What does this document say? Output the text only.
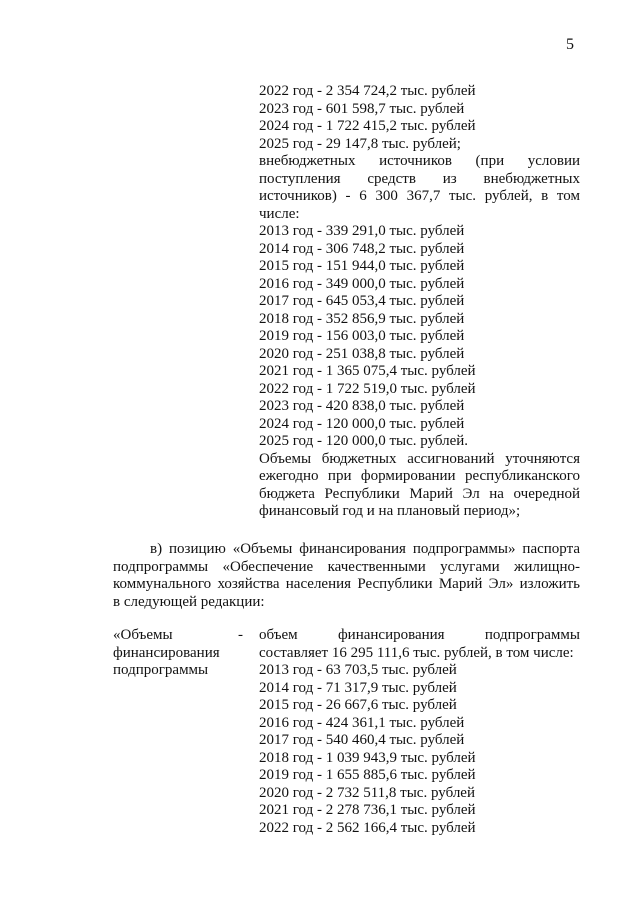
5
2022 год - 2 354 724,2 тыс. рублей
2023 год - 601 598,7 тыс. рублей
2024 год - 1 722 415,2 тыс. рублей
2025 год - 29 147,8 тыс. рублей;
внебюджетных источников (при условии
поступления средств из внебюджетных
источников) - 6 300 367,7 тыс. рублей, в том
числе:
2013 год - 339 291,0 тыс. рублей
2014 год - 306 748,2 тыс. рублей
2015 год - 151 944,0 тыс. рублей
2016 год - 349 000,0 тыс. рублей
2017 год - 645 053,4 тыс. рублей
2018 год - 352 856,9 тыс. рублей
2019 год - 156 003,0 тыс. рублей
2020 год - 251 038,8 тыс. рублей
2021 год - 1 365 075,4 тыс. рублей
2022 год - 1 722 519,0 тыс. рублей
2023 год - 420 838,0 тыс. рублей
2024 год - 120 000,0 тыс. рублей
2025 год - 120 000,0 тыс. рублей.
Объемы бюджетных ассигнований уточняются
ежегодно при формировании республиканского
бюджета Республики Марий Эл на очередной
финансовый год и на плановый период»;
в) позицию «Объемы финансирования подпрограммы» паспорта
подпрограммы «Обеспечение качественными услугами жилищно-
коммунального хозяйства населения Республики Марий Эл» изложить
в следующей редакции:
«Объемы
финансирования
подпрограммы
- объем финансирования подпрограммы
составляет 16 295 111,6 тыс. рублей, в том числе:
2013 год - 63 703,5 тыс. рублей
2014 год - 71 317,9 тыс. рублей
2015 год - 26 667,6 тыс. рублей
2016 год - 424 361,1 тыс. рублей
2017 год - 540 460,4 тыс. рублей
2018 год - 1 039 943,9 тыс. рублей
2019 год - 1 655 885,6 тыс. рублей
2020 год - 2 732 511,8 тыс. рублей
2021 год - 2 278 736,1 тыс. рублей
2022 год - 2 562 166,4 тыс. рублей
